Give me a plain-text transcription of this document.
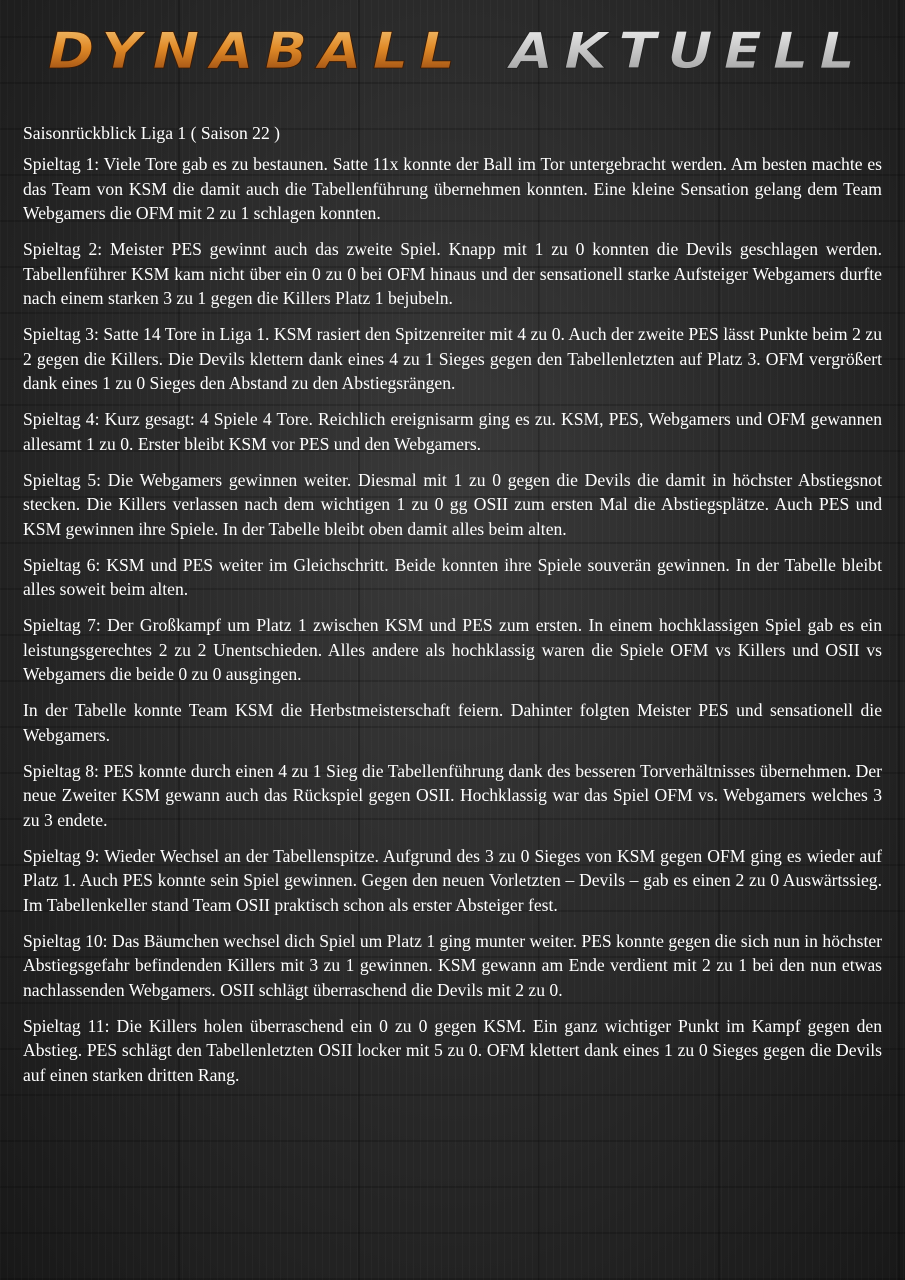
DYNABALL AKTUELL
Saisonrückblick Liga 1 ( Saison 22 )

Spieltag 1: Viele Tore gab es zu bestaunen. Satte 11x konnte der Ball im Tor untergebracht werden. Am besten machte es das Team von KSM die damit auch die Tabellenführung übernehmen konnten. Eine kleine Sensation gelang dem Team Webgamers die OFM mit 2 zu 1 schlagen konnten.

Spieltag 2: Meister PES gewinnt auch das zweite Spiel. Knapp mit 1 zu 0 konnten die Devils geschlagen werden. Tabellenführer KSM kam nicht über ein 0 zu 0 bei OFM hinaus und der sensationell starke Aufsteiger Webgamers durfte nach einem starken 3 zu 1 gegen die Killers Platz 1 bejubeln.

Spieltag 3: Satte 14 Tore in Liga 1. KSM rasiert den Spitzenreiter mit 4 zu 0. Auch der zweite PES lässt Punkte beim 2 zu 2 gegen die Killers. Die Devils klettern dank eines 4 zu 1 Sieges gegen den Tabellenletzten auf Platz 3. OFM vergrößert dank eines 1 zu 0 Sieges den Abstand zu den Abstiegsrängen.

Spieltag 4: Kurz gesagt: 4 Spiele 4 Tore. Reichlich ereignisarm ging es zu. KSM, PES, Webgamers und OFM gewannen allesamt 1 zu 0. Erster bleibt KSM vor PES und den Webgamers.

Spieltag 5: Die Webgamers gewinnen weiter. Diesmal mit 1 zu 0 gegen die Devils die damit in höchster Abstiegsnot stecken. Die Killers verlassen nach dem wichtigen 1 zu 0 gg OSII zum ersten Mal die Abstiegsplätze. Auch PES und KSM gewinnen ihre Spiele. In der Tabelle bleibt oben damit alles beim alten.

Spieltag 6: KSM und PES weiter im Gleichschritt. Beide konnten ihre Spiele souverän gewinnen. In der Tabelle bleibt alles soweit beim alten.

Spieltag 7: Der Großkampf um Platz 1 zwischen KSM und PES zum ersten. In einem hochklassigen Spiel gab es ein leistungsgerechtes 2 zu 2 Unentschieden. Alles andere als hochklassig waren die Spiele OFM vs Killers und OSII vs Webgamers die beide 0 zu 0 ausgingen.

In der Tabelle konnte Team KSM die Herbstmeisterschaft feiern. Dahinter folgten Meister PES und sensationell die Webgamers.

Spieltag 8: PES konnte durch einen 4 zu 1 Sieg die Tabellenführung dank des besseren Torverhältnisses übernehmen. Der neue Zweiter KSM gewann auch das Rückspiel gegen OSII. Hochklassig war das Spiel OFM vs. Webgamers welches 3 zu 3 endete.

Spieltag 9: Wieder Wechsel an der Tabellenspitze. Aufgrund des 3 zu 0 Sieges von KSM gegen OFM ging es wieder auf Platz 1. Auch PES konnte sein Spiel gewinnen. Gegen den neuen Vorletzten – Devils – gab es einen 2 zu 0 Auswärtssieg. Im Tabellenkeller stand Team OSII praktisch schon als erster Absteiger fest.

Spieltag 10: Das Bäumchen wechsel dich Spiel um Platz 1 ging munter weiter. PES konnte gegen die sich nun in höchster Abstiegsgefahr befindenden Killers mit 3 zu 1 gewinnen. KSM gewann am Ende verdient mit 2 zu 1 bei den nun etwas nachlassenden Webgamers. OSII schlägt überraschend die Devils mit 2 zu 0.

Spieltag 11: Die Killers holen überraschend ein 0 zu 0 gegen KSM. Ein ganz wichtiger Punkt im Kampf gegen den Abstieg. PES schlägt den Tabellenletzten OSII locker mit 5 zu 0. OFM klettert dank eines 1 zu 0 Sieges gegen die Devils auf einen starken dritten Rang.
